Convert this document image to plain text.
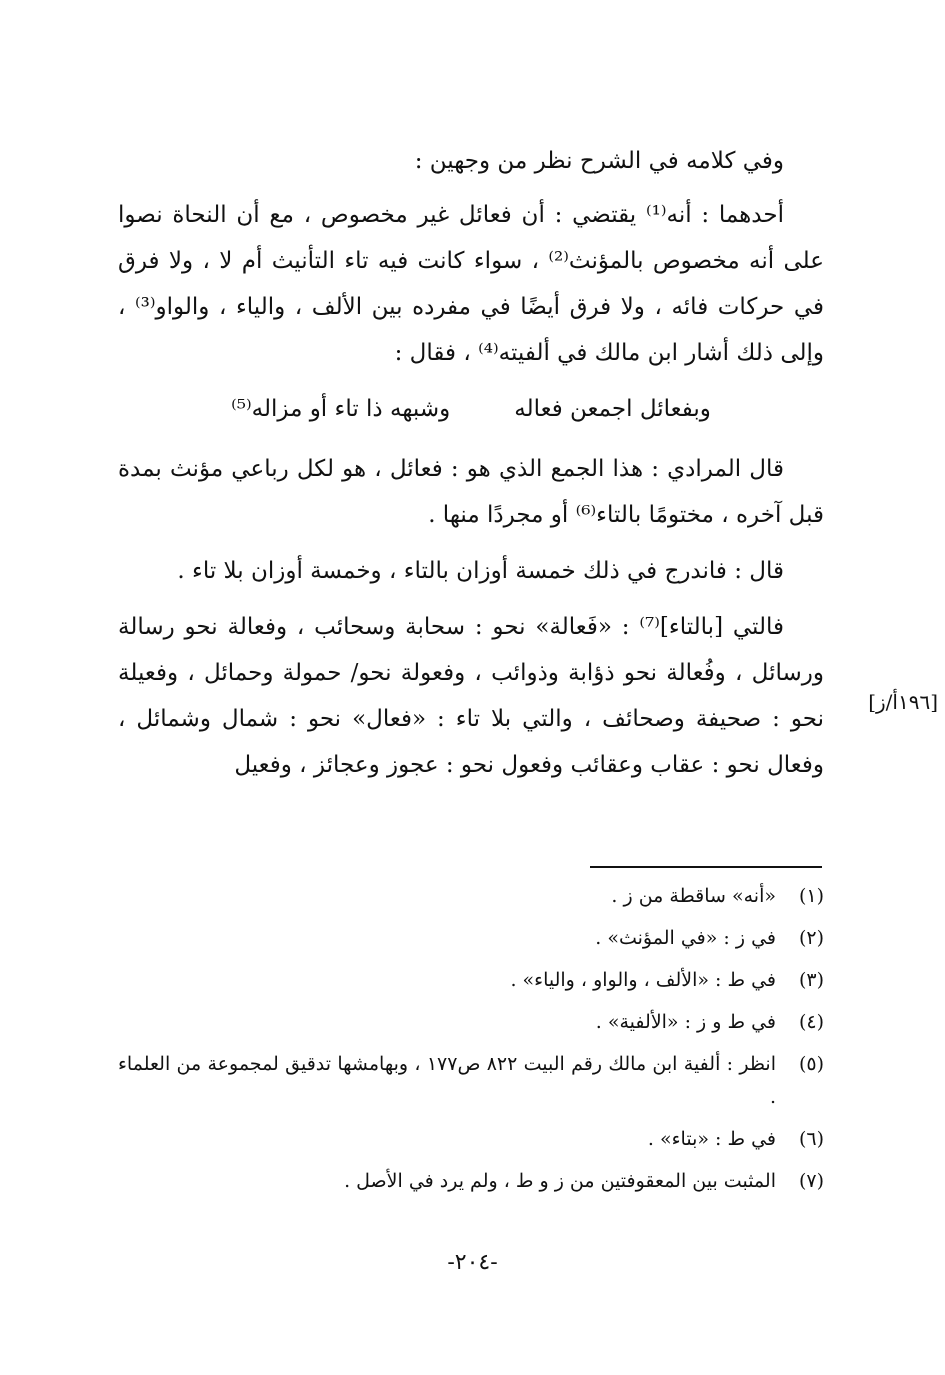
وفي كلامه في الشرح نظر من وجهين :

أحدهما : أنه⁽¹⁾ يقتضي : أن فعائل غير مخصوص ، مع أن النحاة نصوا على أنه مخصوص بالمؤنث⁽²⁾ ، سواء كانت فيه تاء التأنيث أم لا ، ولا فرق في حركات فائه ، ولا فرق أيضًا في مفرده بين الألف ، والياء ، والواو⁽³⁾ ، وإلى ذلك أشار ابن مالك في ألفيته⁽⁴⁾ ، فقال :

وبفعائل اجمعن فعاله
وشبهه ذا تاء أو مزاله⁽⁵⁾

قال المرادي : هذا الجمع الذي هو : فعائل ، هو لكل رباعي مؤنث بمدة قبل آخره ، مختومًا بالتاء⁽⁶⁾ أو مجردًا منها .

قال : فاندرج في ذلك خمسة أوزان بالتاء ، وخمسة أوزان بلا تاء .

فالتي [بالتاء]⁽⁷⁾ : «فَعالة» نحو : سحابة وسحائب ، وفعالة نحو رسالة ورسائل ، وفُعالة نحو ذؤابة وذوائب ، وفعولة نحو/ حمولة وحمائل ، وفعيلة نحو : صحيفة وصحائف ، والتي بلا تاء : «فعال» نحو : شمال وشمائل ، وفعال نحو : عقاب وعقائب وفعول نحو : عجوز وعجائز ، وفعيل

[١٩٦أ/ز]
(١)
«أنه» ساقطة من ز .
(٢)
في ز : «في المؤنث» .
(٣)
في ط : «الألف ، والواو ، والياء» .
(٤)
في ط و ز : «الألفية» .
(٥)
انظر : ألفية ابن مالك رقم البيت ٨٢٢ ص١٧٧ ، وبهامشها تدقيق لمجموعة من العلماء .
(٦)
في ط : «بتاء» .
(٧)
المثبت بين المعقوفتين من ز و ط ، ولم يرد في الأصل .
-٢٠٤-
